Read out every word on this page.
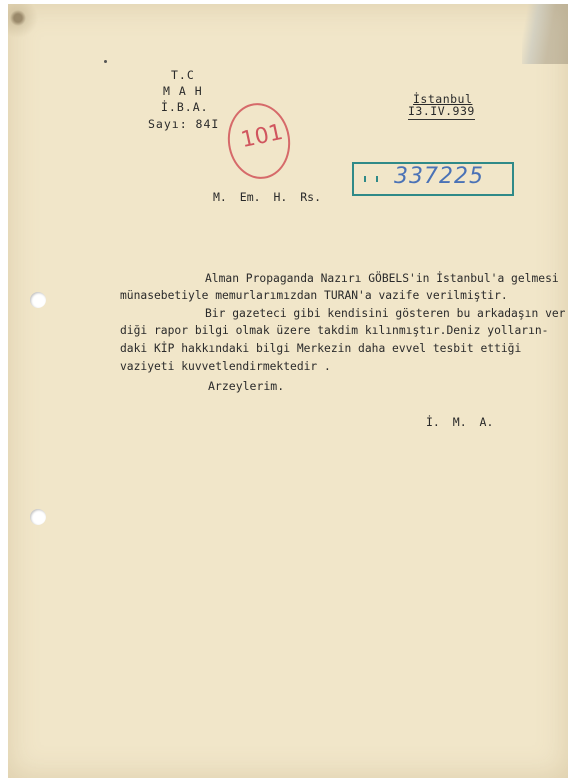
T.C
M A H
İ.B.A.
Sayı: 84I
İstanbul
I3.IV.939
101
337225
M. Em. H. Rs.
Alman Propaganda Nazırı GÖBELS'in İstanbul'a gelmesi
münasebetiyle memurlarımızdan TURAN'a vazife verilmiştir.
Bir gazeteci gibi kendisini gösteren bu arkadaşın ver
diği rapor bilgi olmak üzere takdim kılınmıştır.Deniz yolların-
daki KİP hakkındaki bilgi Merkezin daha evvel tesbit ettiği
vaziyeti kuvvetlendirmektedir .
Arzeylerim.
İ. M. A.
